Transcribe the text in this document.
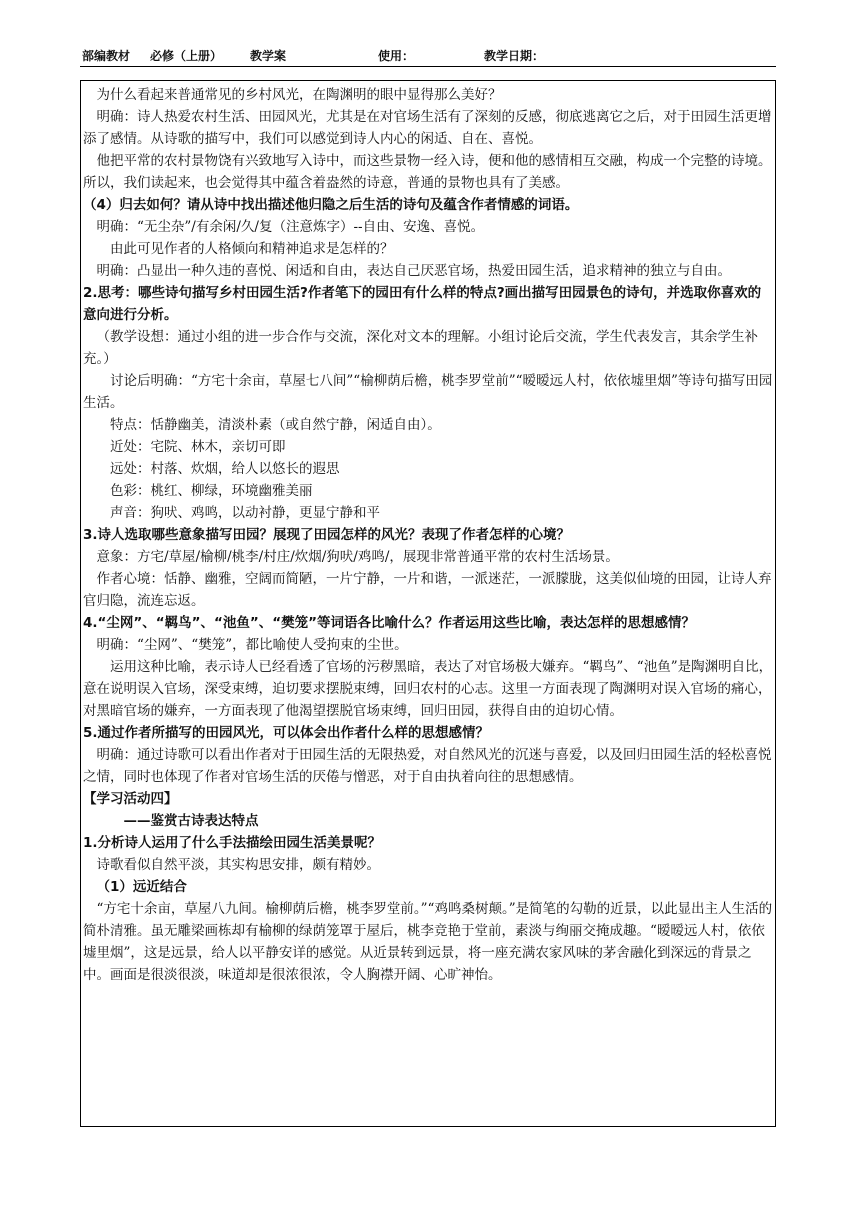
部编教材 必修（上册） 教学案	使用：	教学日期：

为什么看起来普通常见的乡村风光，在陶渊明的眼中显得那么美好？

明确：诗人热爱农村生活、田园风光，尤其是在对官场生活有了深刻的反感，彻底逃离它之后，对于田园生活更增添了感情。从诗歌的描写中，我们可以感觉到诗人内心的闲适、自在、喜悦。

他把平常的农村景物饶有兴致地写入诗中，而这些景物一经入诗，便和他的感情相互交融，构成一个完整的诗境。所以，我们读起来，也会觉得其中蕴含着盎然的诗意，普通的景物也具有了美感。

（4）归去如何？请从诗中找出描述他归隐之后生活的诗句及蕴含作者情感的词语。

明确：“无尘杂”/有余闲/久/复（注意炼字）--自由、安逸、喜悦。

由此可见作者的人格倾向和精神追求是怎样的？

明确：凸显出一种久违的喜悦、闲适和自由，表达自己厌恶官场，热爱田园生活，追求精神的独立与自由。

2.思考：哪些诗句描写乡村田园生活?作者笔下的园田有什么样的特点?画出描写田园景色的诗句，并选取你喜欢的意向进行分析。

（教学设想：通过小组的进一步合作与交流，深化对文本的理解。小组讨论后交流，学生代表发言，其余学生补充。）

讨论后明确：“方宅十余亩，草屋七八间”“榆柳荫后檐，桃李罗堂前”“暧暧远人村，依依墟里烟”等诗句描写田园生活。

特点：恬静幽美，清淡朴素（或自然宁静，闲适自由）。

近处：宅院、林木，亲切可即

远处：村落、炊烟，给人以悠长的遐思

色彩：桃红、柳绿，环境幽雅美丽

声音：狗吠、鸡鸣，以动衬静，更显宁静和平

3.诗人选取哪些意象描写田园？展现了田园怎样的风光？表现了作者怎样的心境？

意象：方宅/草屋/榆柳/桃李/村庄/炊烟/狗吠/鸡鸣/，展现非常普通平常的农村生活场景。

作者心境：恬静、幽雅，空阔而简陋，一片宁静，一片和谐，一派迷茫，一派朦胧，这美似仙境的田园，让诗人弃官归隐，流连忘返。

4.“尘网”、“羁鸟”、“池鱼”、“樊笼”等词语各比喻什么？作者运用这些比喻，表达怎样的思想感情？

明确：“尘网”、“樊笼”，都比喻使人受拘束的尘世。

运用这种比喻，表示诗人已经看透了官场的污秽黑暗，表达了对官场极大嫌弃。“羁鸟”、“池鱼”是陶渊明自比，意在说明误入官场，深受束缚，迫切要求摆脱束缚，回归农村的心志。这里一方面表现了陶渊明对误入官场的痛心，对黑暗官场的嫌弃，一方面表现了他渴望摆脱官场束缚，回归田园，获得自由的迫切心情。

5.通过作者所描写的田园风光，可以体会出作者什么样的思想感情？

明确：通过诗歌可以看出作者对于田园生活的无限热爱，对自然风光的沉迷与喜爱，以及回归田园生活的轻松喜悦之情，同时也体现了作者对官场生活的厌倦与憎恶，对于自由执着向往的思想感情。

【学习活动四】

——鉴赏古诗表达特点

1.分析诗人运用了什么手法描绘田园生活美景呢？

诗歌看似自然平淡，其实构思安排，颇有精妙。

（1）远近结合

“方宅十余亩，草屋八九间。榆柳荫后檐，桃李罗堂前。”“鸡鸣桑树颠。”是简笔的勾勒的近景，以此显出主人生活的简朴清雅。虽无雕梁画栋却有榆柳的绿荫笼罩于屋后，桃李竞艳于堂前，素淡与绚丽交掩成趣。“暧暧远人村，依依墟里烟”，这是远景，给人以平静安详的感觉。从近景转到远景，将一座充满农家风味的茅舍融化到深远的背景之中。画面是很淡很淡，味道却是很浓很浓，令人胸襟开阔、心旷神怡。
